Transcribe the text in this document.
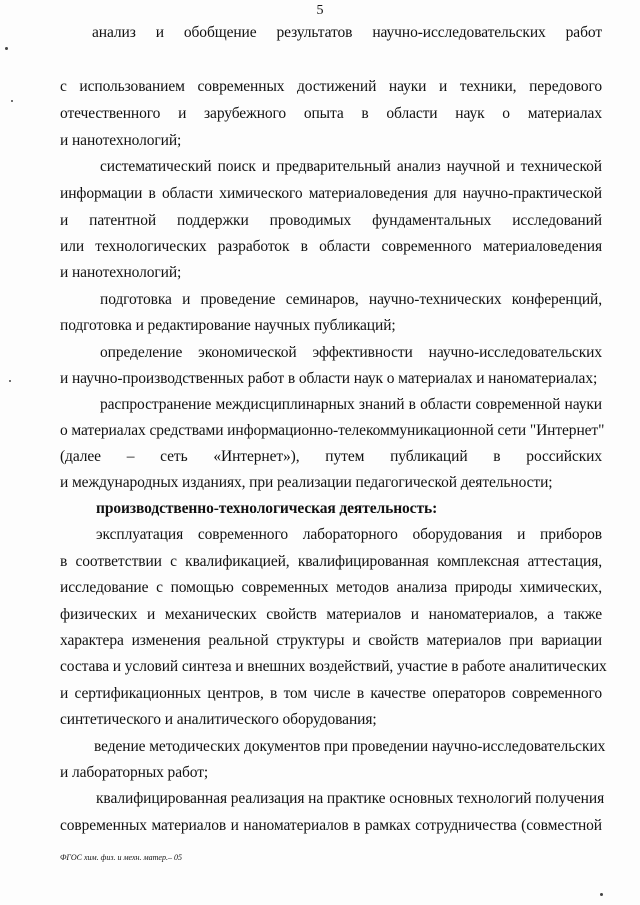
5
анализ и обобщение результатов научно-исследовательских работ
с использованием современных достижений науки и техники, передового
отечественного и зарубежного опыта в области наук о материалах
и нанотехнологий;
систематический поиск и предварительный анализ научной и технической
информации в области химического материаловедения для научно-практической
и патентной поддержки проводимых фундаментальных исследований
или технологических разработок в области современного материаловедения
и нанотехнологий;
подготовка и проведение семинаров, научно-технических конференций,
подготовка и редактирование научных публикаций;
определение экономической эффективности научно-исследовательских
и научно-производственных работ в области наук о материалах и наноматериалах;
распространение междисциплинарных знаний в области современной науки
о материалах средствами информационно-телекоммуникационной сети "Интернет"
(далее – сеть «Интернет»), путем публикаций в российских
и международных изданиях, при реализации педагогической деятельности;
производственно-технологическая деятельность:
эксплуатация современного лабораторного оборудования и приборов
в соответствии с квалификацией, квалифицированная комплексная аттестация,
исследование с помощью современных методов анализа природы химических,
физических и механических свойств материалов и наноматериалов, а также
характера изменения реальной структуры и свойств материалов при вариации
состава и условий синтеза и внешних воздействий, участие в работе аналитических
и сертификационных центров, в том числе в качестве операторов современного
синтетического и аналитического оборудования;
ведение методических документов при проведении научно-исследовательских
и лабораторных работ;
квалифицированная реализация на практике основных технологий получения
современных материалов и наноматериалов в рамках сотрудничества (совместной
ФГОС хим. физ. и мехн. матер.– 05
